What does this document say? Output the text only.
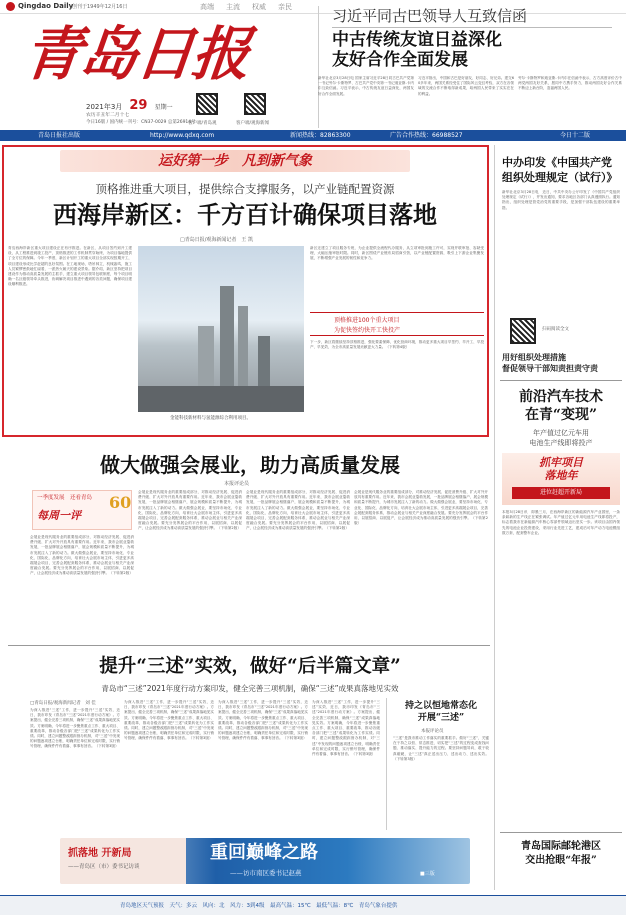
Qingdao Daily
创刊于1949年12月16日	高端 主流 权威 亲民
青岛日报
2021年3月 29 星期一
农历辛丑年二月十七
今日16版 / 国内统一刊号：CN37-0029 总第26914号
客户端/青岛观	客户端/观海新闻
习近平同古巴领导人互致信函
中古传统友谊日益深化
友好合作全面发展
新华社北京3月28日电 国家主席习近平28日同古巴共产党第一书记劳尔·卡斯特罗、古巴共产党中央第一书记迪亚斯-卡内尔互致信函。习近平表示，中古传统友谊日益深化，两国友好合作全面发展。
习近平指出，中国和古巴是好朋友、好同志、好兄弟。建交60多年来，两国关系经受住了国际风云变幻考验，双方在各领域的交流合作不断取得新成果，给两国人民带来了实实在在的利益。
劳尔·卡斯特罗和迪亚斯-卡内尔在信函中表示，古方高度评价古中两党两国友好关系，愿同中方携手努力，推动两国友好合作关系不断迈上新台阶，造福两国人民。
青岛日报社出版	http://www.qdxq.com	新闻热线：82863300	广告合作热线：66988527	今日十二版
运好第一步　凡到新气象
顶格推进重大项目，提供综合支撑服务，以产业链配置资源
西海岸新区：千方百计确保项目落地
□青岛日报/观海新闻记者　王 凯
青岛西海岸新区重大项目建设正在有序推进。在新区，从项目签约到开工建设，从工程推进到竣工投产，顶格推进的工作机制贯穿始终，为项目落地提供了全方位的保障。今年一季度，新区计划开工的重大项目全部实现按期开工，项目建设形成比学赶超的良好氛围。在工地现场，塔吊林立，机械轰鸣，施工人员紧锣密鼓地忙碌着，一派热火朝天的建设景象。据介绍，新区坚持把项目建设作为推动高质量发展的主抓手，建立重大项目领导包联制度，每个项目明确一名区级领导牵头推进，协调解决项目推进中遇到的各类问题，确保项目建设顺利推进。
金能科技新材料与氢能源综合利用项目。
新区还建立了项目服务专班，为企业提供全流程代办服务，从立项审批到施工许可，实现并联审批、容缺受理，大幅压缩审批时限。同时，新区围绕产业链布局招商引资，以产业链配置资源，吸引上下游企业集聚发展，不断增强产业发展的韧性和竞争力。
顶格推进100个重大项目
为促快签约快开工快投产
下一步，新区将继续坚持顶格推进，强化要素保障，优化营商环境，推动更多重大项目早签约、早开工、早投产、早见效，为全市高质量发展贡献更大力量。（下转第4版）
中办印发《中国共产党组织处理规定（试行）》
新华社北京3月28日电　近日，中共中央办公厅印发了《中国共产党组织处理规定（试行）》，并发出通知，要求各地区各部门认真遵照执行。通知指出，组织处理是管党治党的重要手段，是加强干部队伍建设的重要举措。
扫码阅读全文
用好组织处理措施
督促领导干部知责担责守责
前沿汽车技术
在青“变现”
年产值过亿元车用
电池生产线即将投产
抓牢项目
落地年
进位赶超开新局
本报3月28日讯　即墨三月，在西海岸新区的新能源汽车产业园里，一条条崭新的生产线正在紧张调试。年产值过亿元车用电池生产线即将投产，标志着我市在新能源汽车核心零部件领域迈出坚实一步。该项目由国内领先的电池企业投资建设，采用行业先进工艺，建成后可年产动力电池模组数万套，配套整车企业。
青岛国际邮轮港区
交出抢眼“年报”
做大做强会展业，助力高质量发展
本报评论员
一季度发展　还看青岛
每周一评
60
会展业是现代服务业的重要组成部分，对推动经济发展、促进消费升级、扩大对外开放具有重要作用。近年来，我市会展业蓬勃发展，一批品牌展会相继落户，展会规模和质量不断提升，为城市发展注入了新的动力。做大做强会展业，要坚持市场化、专业化、国际化、品牌化方向，培育壮大会展市场主体，引进更多高端展会项目，完善会展配套服务体系，推动会展业与相关产业深度融合发展。要充分发挥展会的平台作用，以展招商、以展促产，让会展经济成为推动高质量发展的强劲引擎。（下转第2版）
会展业是现代服务业的重要组成部分，对推动经济发展、促进消费升级、扩大对外开放具有重要作用。近年来，我市会展业蓬勃发展，一批品牌展会相继落户，展会规模和质量不断提升，为城市发展注入了新的动力。做大做强会展业，要坚持市场化、专业化、国际化、品牌化方向，培育壮大会展市场主体，引进更多高端展会项目，完善会展配套服务体系，推动会展业与相关产业深度融合发展。要充分发挥展会的平台作用，以展招商、以展促产，让会展经济成为推动高质量发展的强劲引擎。（下转第2版）
会展业是现代服务业的重要组成部分，对推动经济发展、促进消费升级、扩大对外开放具有重要作用。近年来，我市会展业蓬勃发展，一批品牌展会相继落户，展会规模和质量不断提升，为城市发展注入了新的动力。做大做强会展业，要坚持市场化、专业化、国际化、品牌化方向，培育壮大会展市场主体，引进更多高端展会项目，完善会展配套服务体系，推动会展业与相关产业深度融合发展。要充分发挥展会的平台作用，以展招商、以展促产，让会展经济成为推动高质量发展的强劲引擎。（下转第2版）
会展业是现代服务业的重要组成部分，对推动经济发展、促进消费升级、扩大对外开放具有重要作用。近年来，我市会展业蓬勃发展，一批品牌展会相继落户，展会规模和质量不断提升，为城市发展注入了新的动力。做大做强会展业，要坚持市场化、专业化、国际化、品牌化方向，培育壮大会展市场主体，引进更多高端展会项目，完善会展配套服务体系，推动会展业与相关产业深度融合发展。要充分发挥展会的平台作用，以展招商、以展促产，让会展经济成为推动高质量发展的强劲引擎。（下转第2版）
提升“三述”实效，做好“后半篇文章”
青岛市“三述”2021年度行动方案印发，健全完善三项机制，确保“三述”成果真落地见实效
□青岛日报/观海新闻记者　刘 佳
为深入推进“三述”工作，进一步提升“三述”实效，近日，我市印发《青岛市“三述”2021年度行动方案》。方案提出，健全完善三项机制，确保“三述”成果真落地见实效。方案明确，今年将进一步聚焦重点工作、重大项目、重要改革，推动各级各部门把“三述”成果转化为工作实绩。同时，建立问题整改跟踪督办机制，对“三述”中发现的问题逐项建立台账，明确责任单位和完成时限，实行销号管理，确保件件有着落、事事有回音。（下转第3版）
为深入推进“三述”工作，进一步提升“三述”实效，近日，我市印发《青岛市“三述”2021年度行动方案》。方案提出，健全完善三项机制，确保“三述”成果真落地见实效。方案明确，今年将进一步聚焦重点工作、重大项目、重要改革，推动各级各部门把“三述”成果转化为工作实绩。同时，建立问题整改跟踪督办机制，对“三述”中发现的问题逐项建立台账，明确责任单位和完成时限，实行销号管理，确保件件有着落、事事有回音。（下转第3版）
为深入推进“三述”工作，进一步提升“三述”实效，近日，我市印发《青岛市“三述”2021年度行动方案》。方案提出，健全完善三项机制，确保“三述”成果真落地见实效。方案明确，今年将进一步聚焦重点工作、重大项目、重要改革，推动各级各部门把“三述”成果转化为工作实绩。同时，建立问题整改跟踪督办机制，对“三述”中发现的问题逐项建立台账，明确责任单位和完成时限，实行销号管理，确保件件有着落、事事有回音。（下转第3版）
为深入推进“三述”工作，进一步提升“三述”实效，近日，我市印发《青岛市“三述”2021年度行动方案》。方案提出，健全完善三项机制，确保“三述”成果真落地见实效。方案明确，今年将进一步聚焦重点工作、重大项目、重要改革，推动各级各部门把“三述”成果转化为工作实绩。同时，建立问题整改跟踪督办机制，对“三述”中发现的问题逐项建立台账，明确责任单位和完成时限，实行销号管理，确保件件有着落、事事有回音。（下转第3版）
持之以恒地常态化
开展“三述”
本报评论员
“三述”是我市推动工作落实的重要抓手。做好“三述”，关键在于持之以恒、常态推进，切实把“三述”的过程变成查找问题、推动落实、提升能力的过程。要坚持问题导向，敢于较真碰硬，让“三述”真正述出压力、述出动力、述出实效。（下转第3版）
抓落地 开新局
——青岛区（市）委书记访谈
重回巅峰之路
——访市南区委书记赵燕	■三版
青岛地区天气预报　天气：多云　风向：北　风力：3到4级　最高气温：15℃　最低气温：8℃　青岛气象台提供
